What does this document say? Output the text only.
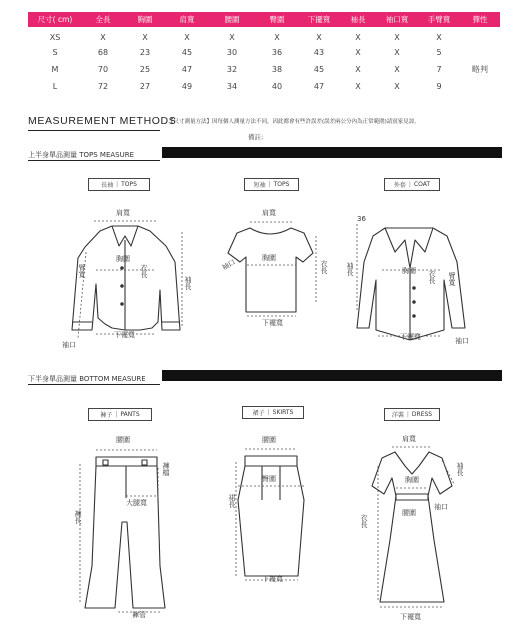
尺寸( cm)	全長	胸圍	肩寬	腰圍	臀圍	下擺寬	袖長	袖口寬	手臂寬	彈性
XS	X	X	X	X	X	X	X	X	X	
S	68	23	45	30	36	43	X	X	5	
M	70	25	47	32	38	45	X	X	7	略判
L	72	27	49	34	40	47	X	X	9	
MEASUREMENT METHODS
【尺寸測量方法】因每個人測量方法不同，因此都會有些許誤差(誤差兩公分內為正常範圍)請賓家見諒。
備註:
上半身單品測量 TOPS MEASURE
下半身單品測量 BOTTOM MEASURE
長袖 | TOPS	短袖 | TOPS	外套 | COAT
褲子 | PANTS	裙子 | SKIRTS	洋裝 | DRESS
肩寬
胸圍
臂寬	衣長
袖長
下襬寬
袖口
肩寬
胸圍
袖口	衣長
下襬寬
36
袖長	胸圍 衣長 臂寬
下襬寬	袖口
腰圍
褲檔
大腿寬
褲長
褲管
腰圍
臀圍
裙長
下襬寬
肩寬
袖長
胸圍
衣長
腰圍
袖口
下襬寬
